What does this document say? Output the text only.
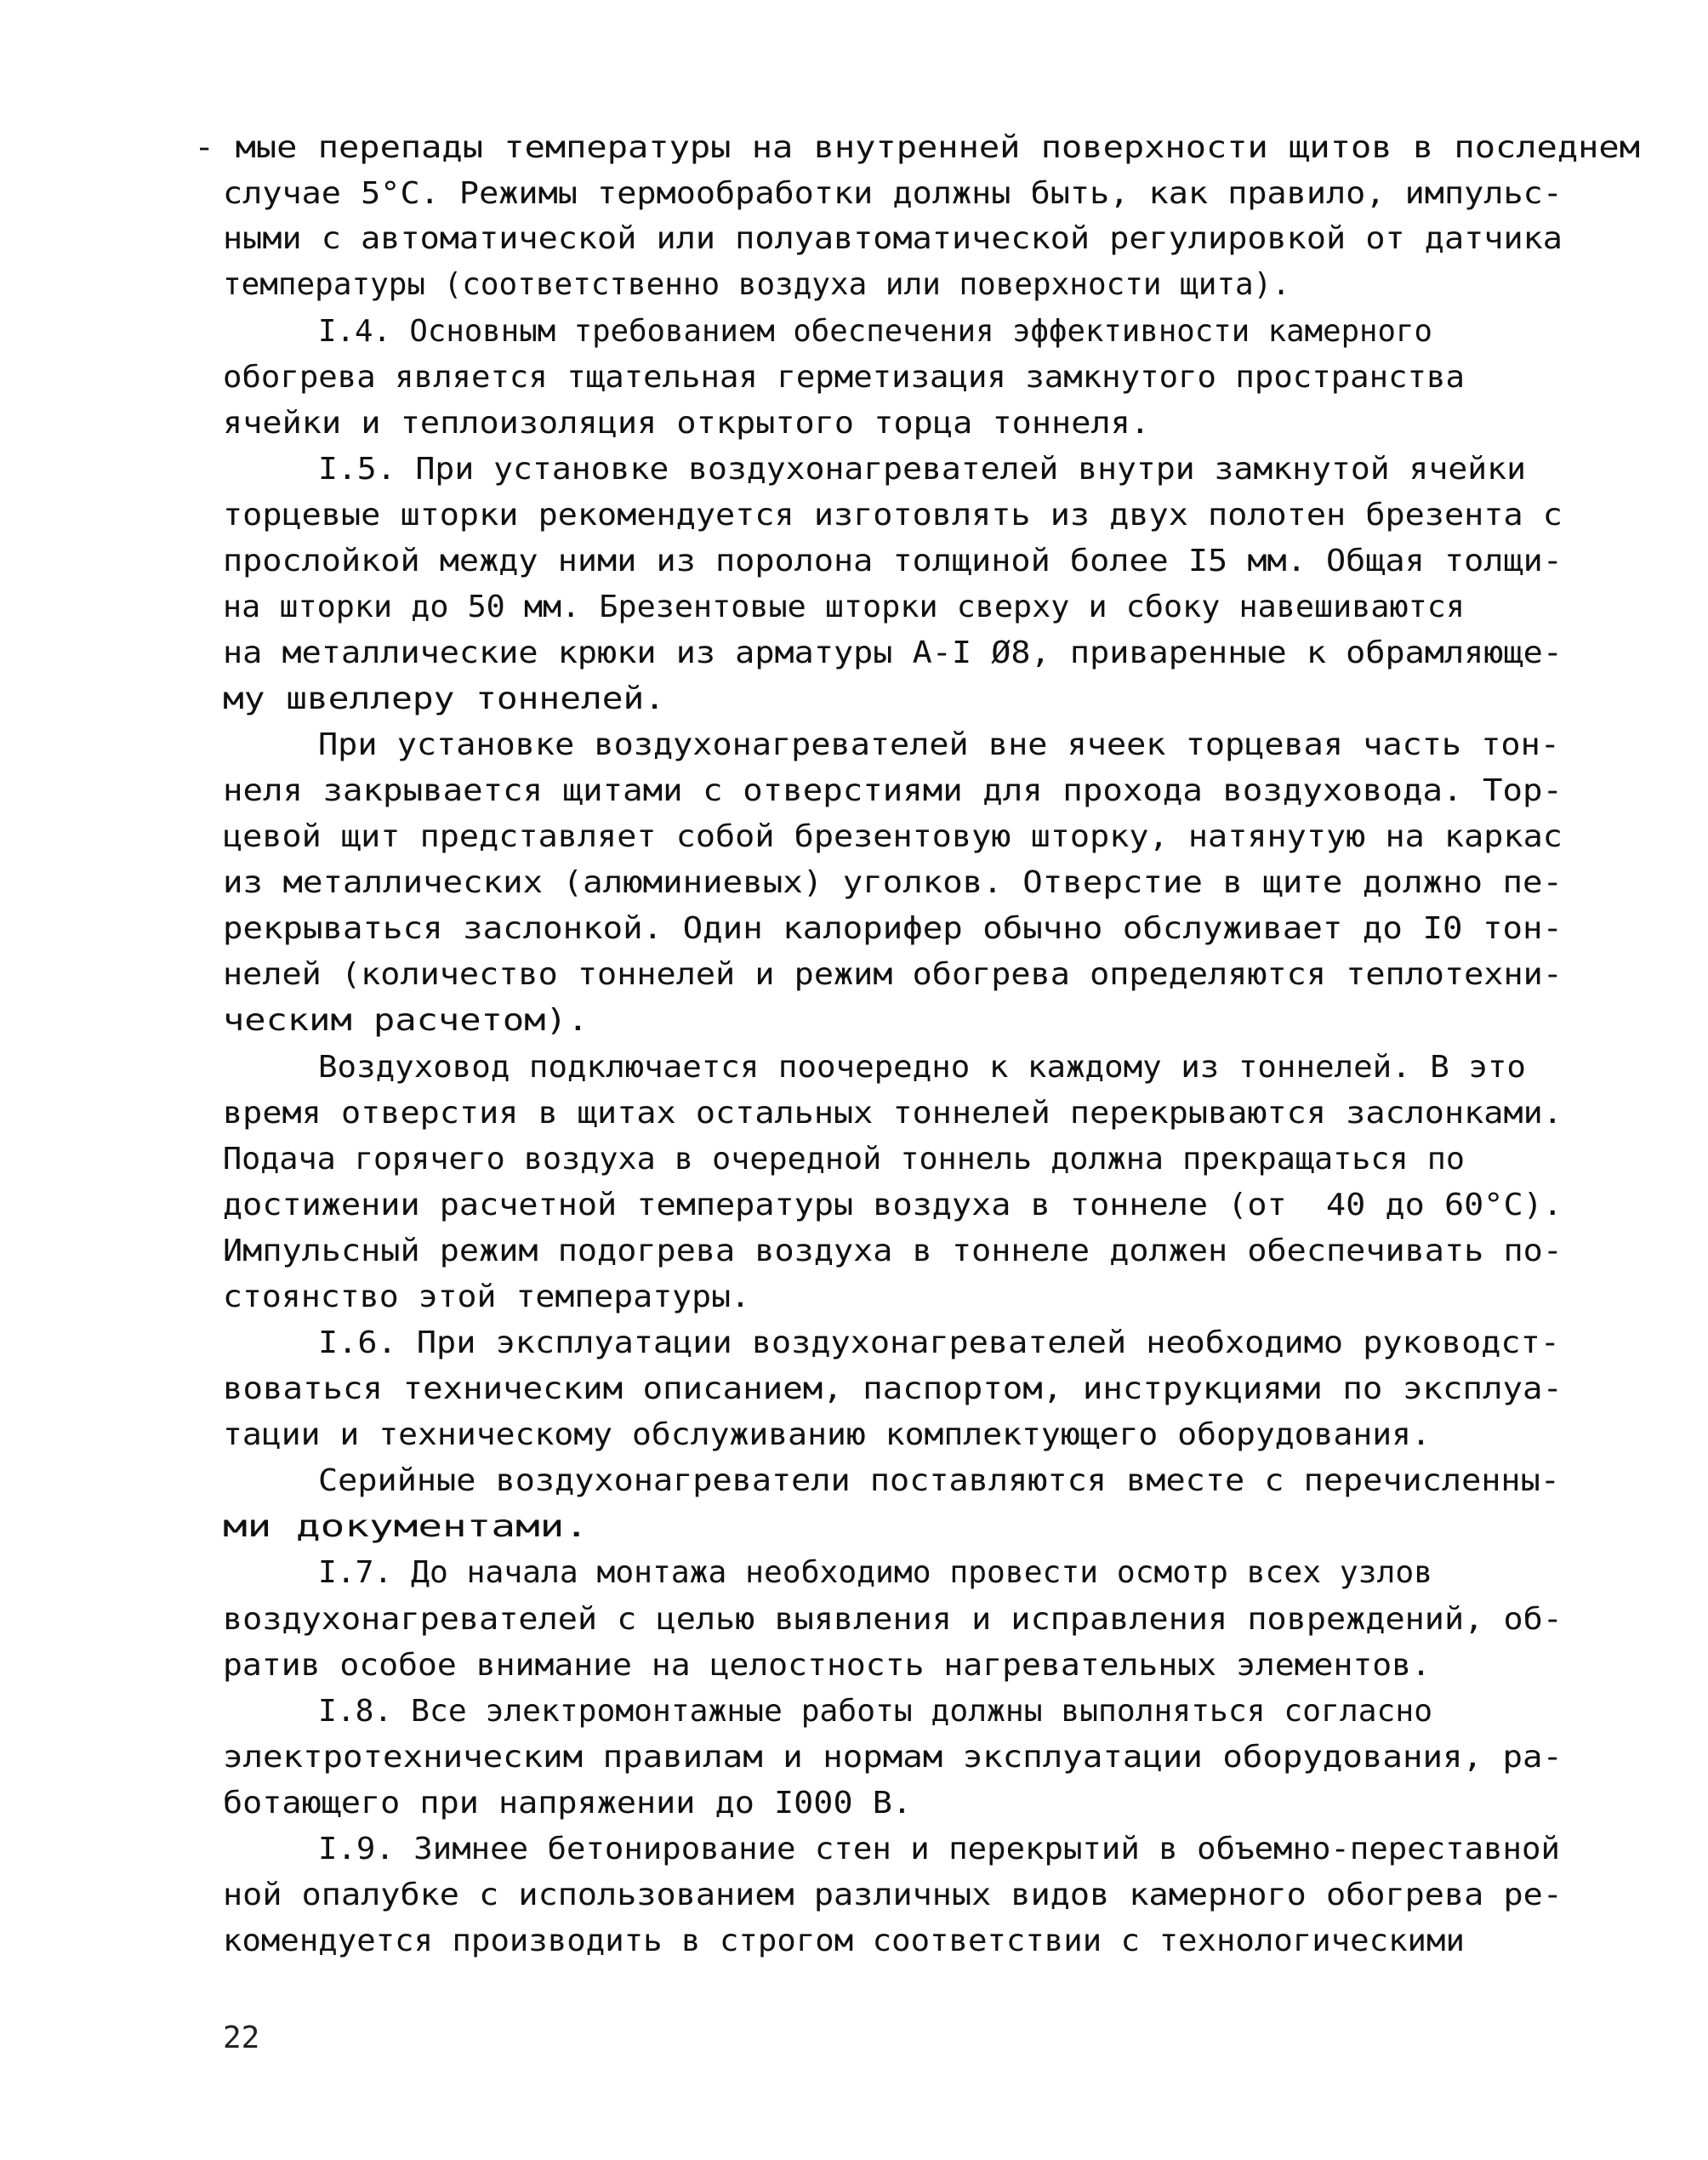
- мые перепады температуры на внутренней поверхности щитов в последнем
случае 5°С. Режимы термообработки должны быть, как правило, импульс-
ными с автоматической или полуавтоматической регулировкой от датчика
температуры (соответственно воздуха или поверхности щита).
I.4. Основным требованием обеспечения эффективности камерного
обогрева является тщательная герметизация замкнутого пространства
ячейки и теплоизоляция открытого торца тоннеля.
I.5. При установке воздухонагревателей внутри замкнутой ячейки
торцевые шторки рекомендуется изготовлять из двух полотен брезента с
прослойкой между ними из поролона толщиной более I5 мм. Общая толщи-
на шторки до 50 мм. Брезентовые шторки сверху и сбоку навешиваются
на металлические крюки из арматуры А-I Ø8, приваренные к обрамляюще-
му швеллеру тоннелей.
При установке воздухонагревателей вне ячеек торцевая часть тон-
неля закрывается щитами с отверстиями для прохода воздуховода. Тор-
цевой щит представляет собой брезентовую шторку, натянутую на каркас
из металлических (алюминиевых) уголков. Отверстие в щите должно пе-
рекрываться заслонкой. Один калорифер обычно обслуживает до I0 тон-
нелей (количество тоннелей и режим обогрева определяются теплотехни-
ческим расчетом).
Воздуховод подключается поочередно к каждому из тоннелей. В это
время отверстия в щитах остальных тоннелей перекрываются заслонками.
Подача горячего воздуха в очередной тоннель должна прекращаться по
достижении расчетной температуры воздуха в тоннеле (от  40 до 60°С).
Импульсный режим подогрева воздуха в тоннеле должен обеспечивать по-
стоянство этой температуры.
I.6. При эксплуатации воздухонагревателей необходимо руководст-
воваться техническим описанием, паспортом, инструкциями по эксплуа-
тации и техническому обслуживанию комплектующего оборудования.
Серийные воздухонагреватели поставляются вместе с перечисленны-
ми документами.
I.7. До начала монтажа необходимо провести осмотр всех узлов
воздухонагревателей с целью выявления и исправления повреждений, об-
ратив особое внимание на целостность нагревательных элементов.
I.8. Все электромонтажные работы должны выполняться согласно
электротехническим правилам и нормам эксплуатации оборудования, ра-
ботающего при напряжении до I000 В.
I.9. Зимнее бетонирование стен и перекрытий в объемно-переставной
ной опалубке с использованием различных видов камерного обогрева ре-
комендуется производить в строгом соответствии с технологическими
22
